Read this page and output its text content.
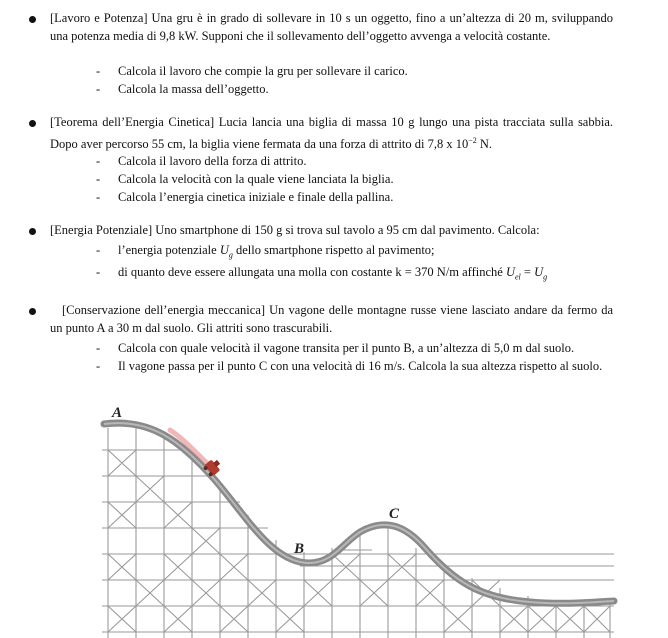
[Lavoro e Potenza] Una gru è in grado di sollevare in 10 s un oggetto, fino a un’altezza di 20 m, sviluppando una potenza media di 9,8 kW. Supponi che il sollevamento dell’oggetto avvenga a velocità costante.
-	Calcola il lavoro che compie la gru per sollevare il carico.
-	Calcola la massa dell’oggetto.
[Teorema dell’Energia Cinetica] Lucia lancia una biglia di massa 10 g lungo una pista tracciata sulla sabbia. Dopo aver percorso 55 cm, la biglia viene fermata da una forza di attrito di 7,8 x $10^{-2}$ N.
-	Calcola il lavoro della forza di attrito.
-	Calcola la velocità con la quale viene lanciata la biglia.
-	Calcola l’energia cinetica iniziale e finale della pallina.
[Energia Potenziale] Uno smartphone di 150 g si trova sul tavolo a 95 cm dal pavimento. Calcola:
-	l’energia potenziale $U_g$ dello smartphone rispetto al pavimento;
-	di quanto deve essere allungata una molla con costante k = 370 N/m affinché $U_{el} = U_g$
[Conservazione dell’energia meccanica] Un vagone delle montagne russe viene lasciato andare da fermo da un punto A a 30 m dal suolo. Gli attriti sono trascurabili.
-	Calcola con quale velocità il vagone transita per il punto B, a un’altezza di 5,0 m dal suolo.
-	Il vagone passa per il punto C con una velocità di 16 m/s. Calcola la sua altezza rispetto al suolo.
A
B
C
